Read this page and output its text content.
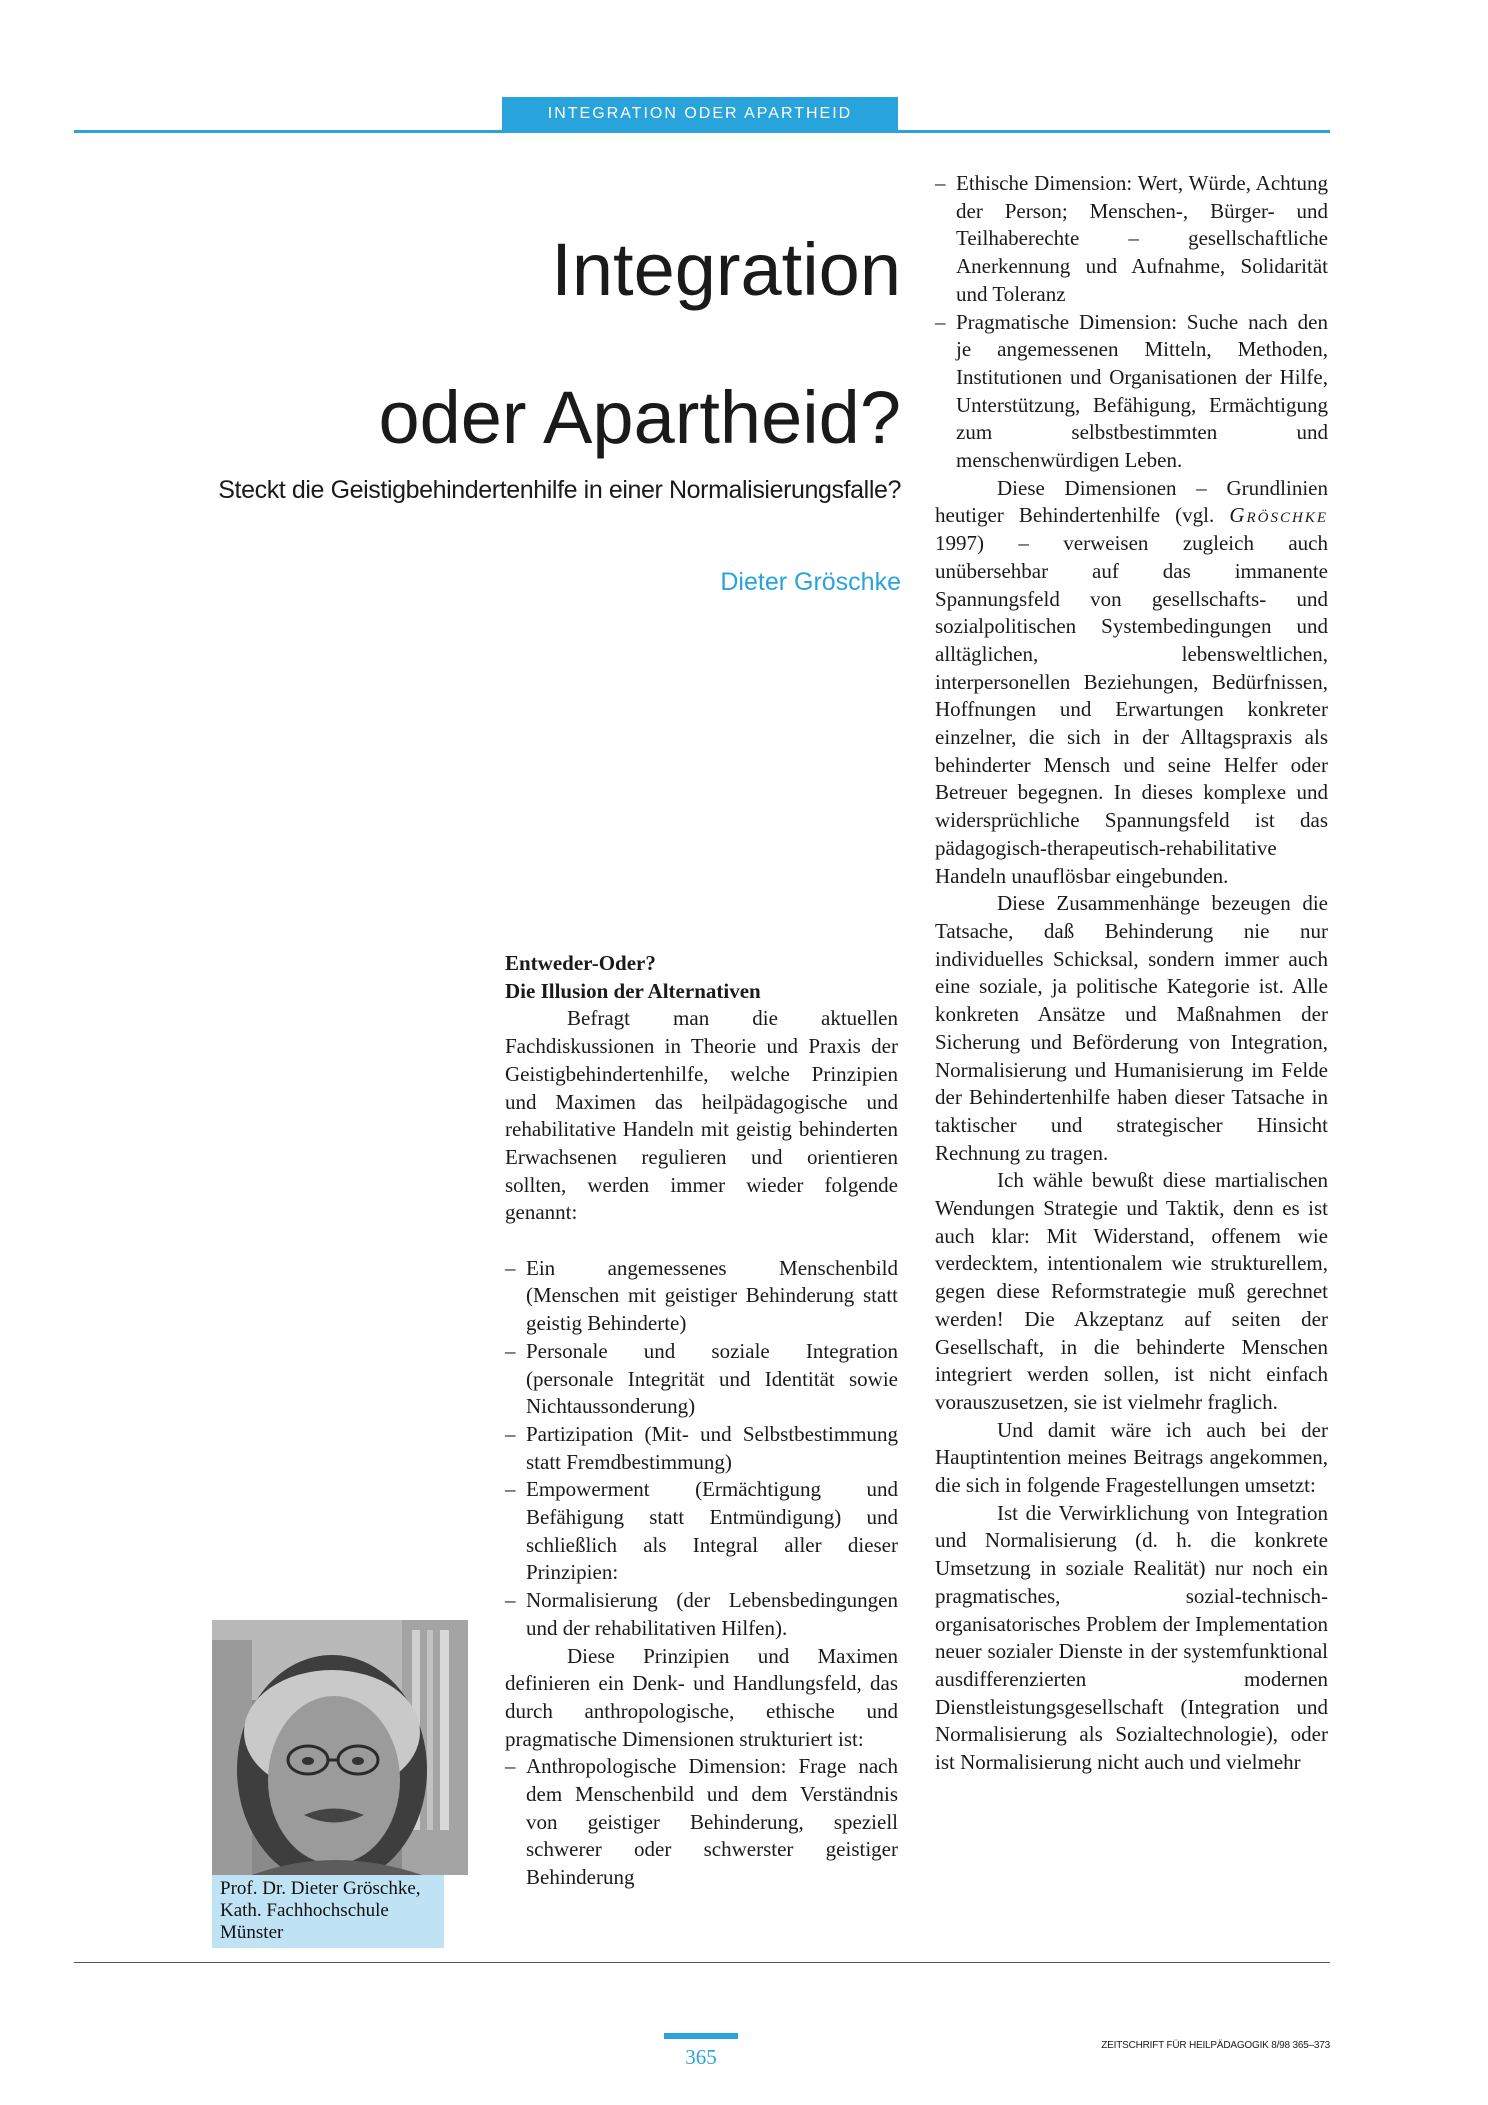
INTEGRATION ODER APARTHEID
Integration
oder Apartheid?
Steckt die Geistigbehindertenhilfe in einer Normalisierungsfalle?
Dieter Gröschke
Prof. Dr. Dieter Gröschke,
Kath. Fachhochschule
Münster

Entweder-Oder?

Die Illusion der Alternativen

Befragt man die aktuellen Fachdiskussionen in Theorie und Praxis der Geistigbehindertenhilfe, welche Prinzipien und Maximen das heilpädagogische und rehabilitative Handeln mit geistig behinderten Erwachsenen regulieren und orientieren sollten, werden immer wieder folgende genannt:

– Ein angemessenes Menschenbild (Menschen mit geistiger Behinderung statt geistig Behinderte)
– Personale und soziale Integration (personale Integrität und Identität sowie Nichtaussonderung)
– Partizipation (Mit- und Selbstbestimmung statt Fremdbestimmung)
– Empowerment (Ermächtigung und Befähigung statt Entmündigung) und schließlich als Integral aller dieser Prinzipien:
– Normalisierung (der Lebensbedingungen und der rehabilitativen Hilfen).

Diese Prinzipien und Maximen definieren ein Denk- und Handlungsfeld, das durch anthropologische, ethische und pragmatische Dimensionen strukturiert ist:

– Anthropologische Dimension: Frage nach dem Menschenbild und dem Verständnis von geistiger Behinderung, speziell schwerer oder schwerster geistiger Behinderung
– Ethische Dimension: Wert, Würde, Achtung der Person; Menschen-, Bürger- und Teilhaberechte – gesellschaftliche Anerkennung und Aufnahme, Solidarität und Toleranz
– Pragmatische Dimension: Suche nach den je angemessenen Mitteln, Methoden, Institutionen und Organisationen der Hilfe, Unterstützung, Befähigung, Ermächtigung zum selbstbestimmten und menschenwürdigen Leben.

Diese Dimensionen – Grundlinien heutiger Behindertenhilfe (vgl. Gröschke 1997) – verweisen zugleich auch unübersehbar auf das immanente Spannungsfeld von gesellschafts- und sozialpolitischen Systembedingungen und alltäglichen, lebensweltlichen, interpersonellen Beziehungen, Bedürfnissen, Hoffnungen und Erwartungen konkreter einzelner, die sich in der Alltagspraxis als behinderter Mensch und seine Helfer oder Betreuer begegnen. In dieses komplexe und widersprüchliche Spannungsfeld ist das pädagogisch-therapeutisch-rehabilitative Handeln unauflösbar eingebunden.

Diese Zusammenhänge bezeugen die Tatsache, daß Behinderung nie nur individuelles Schicksal, sondern immer auch eine soziale, ja politische Kategorie ist. Alle konkreten Ansätze und Maßnahmen der Sicherung und Beförderung von Integration, Normalisierung und Humanisierung im Felde der Behindertenhilfe haben dieser Tatsache in taktischer und strategischer Hinsicht Rechnung zu tragen.

Ich wähle bewußt diese martialischen Wendungen Strategie und Taktik, denn es ist auch klar: Mit Widerstand, offenem wie verdecktem, intentionalem wie strukturellem, gegen diese Reformstrategie muß gerechnet werden! Die Akzeptanz auf seiten der Gesellschaft, in die behinderte Menschen integriert werden sollen, ist nicht einfach vorauszusetzen, sie ist vielmehr fraglich.

Und damit wäre ich auch bei der Hauptintention meines Beitrags angekommen, die sich in folgende Fragestellungen umsetzt:

Ist die Verwirklichung von Integration und Normalisierung (d. h. die konkrete Umsetzung in soziale Realität) nur noch ein pragmatisches, sozial-technisch-organisatorisches Problem der Implementation neuer sozialer Dienste in der systemfunktional ausdifferenzierten modernen Dienstleistungsgesellschaft (Integration und Normalisierung als Sozialtechnologie), oder ist Normalisierung nicht auch und vielmehr

365	ZEITSCHRIFT FÜR HEILPÄDAGOGIK 8/98 365–373
